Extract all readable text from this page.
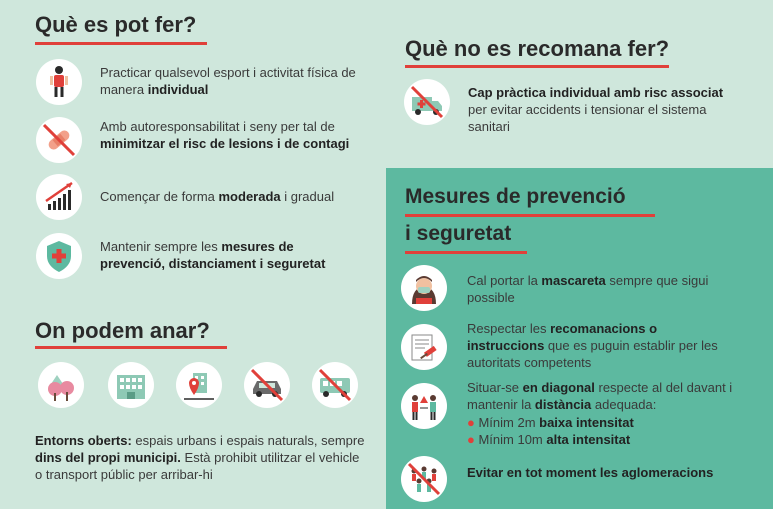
Què es pot fer?
Practicar qualsevol esport i activitat física de manera individual
Amb autoresponsabilitat i seny per tal de minimitzar el risc de lesions i de contagi
Començar de forma moderada i gradual
Mantenir sempre les mesures de prevenció, distanciament i seguretat
On podem anar?
Entorns oberts: espais urbans i espais naturals, sempre dins del propi municipi. Està prohibit utilitzar el vehicle o transport públic per arribar-hi
Què no es recomana fer?
Cap pràctica individual amb risc associat per evitar accidents i tensionar el sistema sanitari
Mesures de prevenció
i seguretat
Cal portar la mascareta sempre que sigui possible
Respectar les recomanacions o instruccions que es puguin establir per les autoritats competents
Situar-se en diagonal respecte al del davant i mantenir la distància adequada:
● Mínim 2m baixa intensitat
● Mínim 10m alta intensitat
Evitar en tot moment les aglomeracions
